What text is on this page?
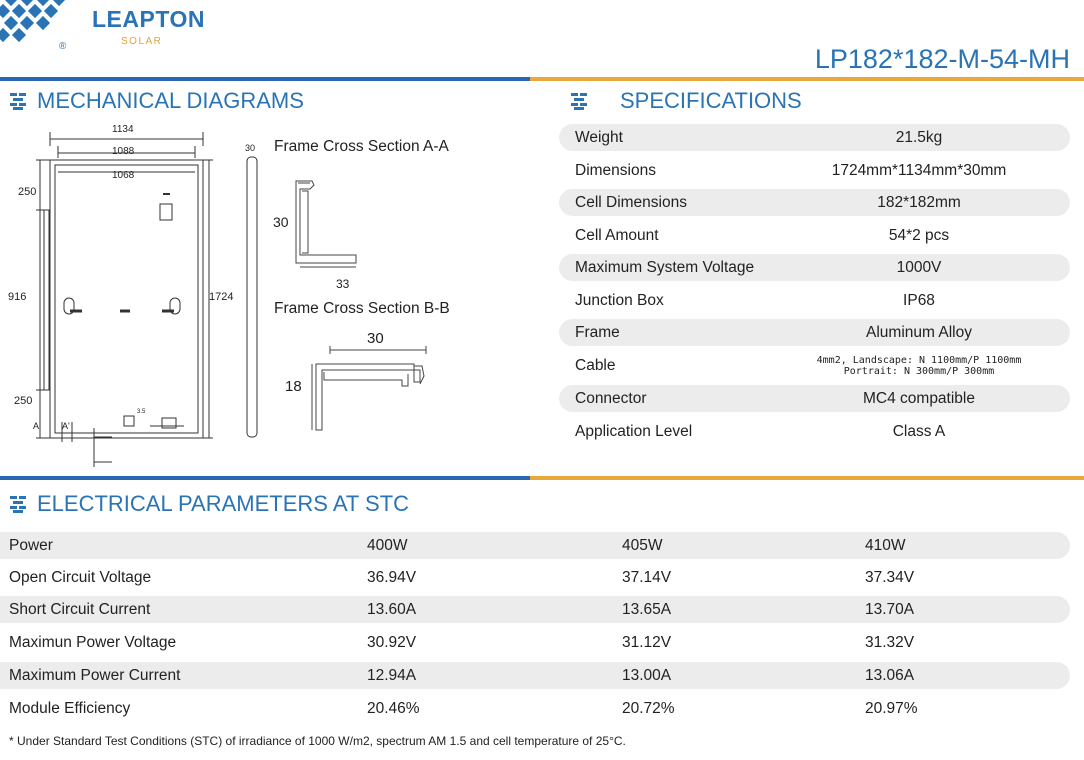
LEAPTON
SOLAR
®	LP182*182-M-54-MH
MECHANICAL DIAGRAMS
1134
1088
1068
250
916
250
1724
A	A'
3.5
30 Frame Cross Section A-A
30
33
Frame Cross Section B-B
30
18
SPECIFICATIONS
Weight	21.5kg
Dimensions	1724mm*1134mm*30mm
Cell Dimensions	182*182mm
Cell Amount	54*2 pcs
Maximum System Voltage	1000V
Junction Box	IP68
Frame	Aluminum Alloy
Cable	4mm2, Landscape: N 1100mm/P 1100mm
Portrait: N 300mm/P 300mm
Connector	MC4 compatible
Application Level	Class A
ELECTRICAL PARAMETERS AT STC
Power	400W	405W	410W
Open Circuit Voltage	36.94V	37.14V	37.34V
Short Circuit Current	13.60A	13.65A	13.70A
Maximun Power Voltage	30.92V	31.12V	31.32V
Maximum Power Current	12.94A	13.00A	13.06A
Module Efficiency	20.46%	20.72%	20.97%
* Under Standard Test Conditions (STC) of irradiance of 1000 W/m2, spectrum AM 1.5 and cell temperature of 25°C.
